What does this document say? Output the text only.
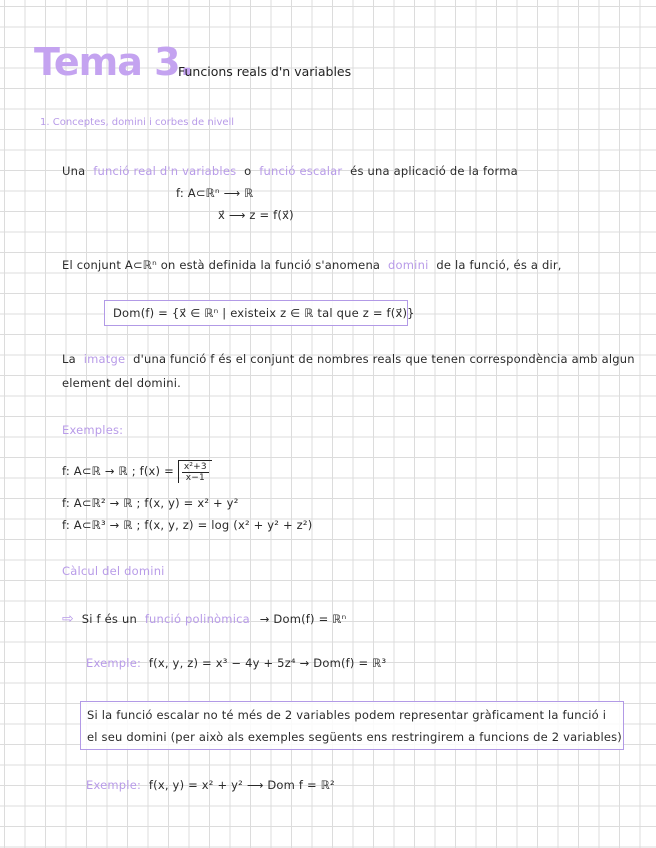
Tema 3.
Funcions reals d'n variables
1. Conceptes, domini i corbes de nivell
Una funció real d'n variables o funció escalar és una aplicació de la forma
f: A⊂ℝⁿ ⟶ ℝ
x⃗ ⟶ z = f(x⃗)
El conjunt A⊂ℝⁿ on està definida la funció s'anomena domini de la funció, és a dir,
Dom(f) = {x⃗ ∈ ℝⁿ | existeix z ∈ ℝ tal que z = f(x⃗)}
La imatge d'una funció f és el conjunt de nombres reals que tenen correspondència amb algun
element del domini.
Exemples:
f: A⊂ℝ → ℝ ; $f(x) = \frac{\text{x²+3}}{x-1}$
f: A⊂ℝ² → ℝ ; f(x, y) = x² + y²
f: A⊂ℝ³ → ℝ ; f(x, y, z) = log (x² + y² + z²)
Càlcul del domini
⇨ Si f és un funció polinòmica → Dom(f) = ℝⁿ
Exemple: f(x, y, z) = x³ − 4y + 5z⁴ → Dom(f) = ℝ³
Si la funció escalar no té més de 2 variables podem representar gràficament la funció i
el seu domini (per això als exemples següents ens restringirem a funcions de 2 variables)
Exemple: f(x, y) = x² + y² ⟶ Dom f = ℝ²
